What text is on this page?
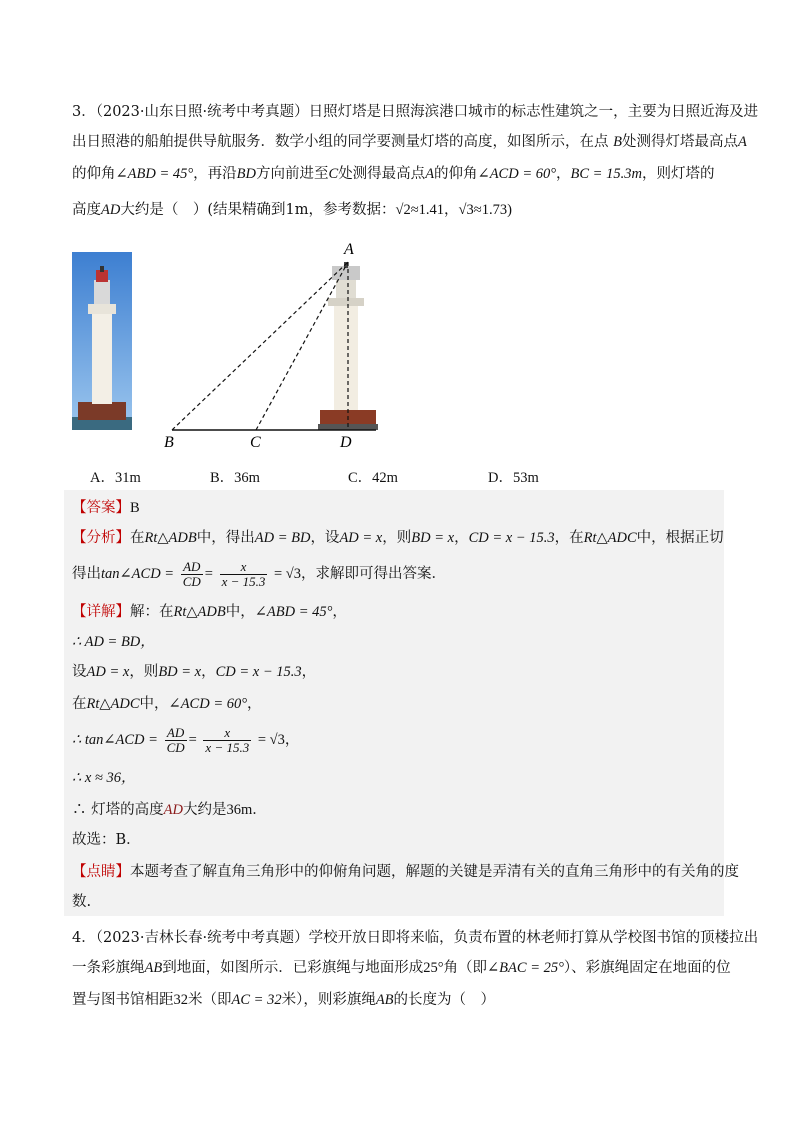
3．（2023·山东日照·统考中考真题）日照灯塔是日照海滨港口城市的标志性建筑之一，主要为日照近海及进
出日照港的船舶提供导航服务．数学小组的同学要测量灯塔的高度，如图所示，在点 B处测得灯塔最高点A
的仰角∠ABD = 45°，再沿BD方向前进至C处测得最高点A的仰角∠ACD = 60°，BC = 15.3m，则灯塔的
高度AD大约是（　）(结果精确到1m，参考数据：√2≈1.41，√3≈1.73)
A
B	C	D
A．31m	B．36m	C．42m	D．53m
【答案】B
【分析】在Rt△ADB中，得出AD = BD，设AD = x，则BD = x，CD = x − 15.3，在Rt△ADC中，根据正切
得出tan∠ACD = $\frac{AD}{CD} = \frac{x}{x - 15.3} = √3$，求解即可得出答案．
【详解】解：在Rt△ADB中，∠ABD = 45°，
∴ AD = BD，
设AD = x，则BD = x，CD = x − 15.3，
在Rt△ADC中，∠ACD = 60°，
∴ tan∠ACD = $\frac{AD}{CD} = \frac{x}{x - 15.3} = √3$，
∴ x ≈ 36，
∴ 灯塔的高度AD大约是36m．
故选：B．
【点睛】本题考查了解直角三角形中的仰俯角问题，解题的关键是弄清有关的直角三角形中的有关角的度
数.
4．（2023·吉林长春·统考中考真题）学校开放日即将来临，负责布置的林老师打算从学校图书馆的顶楼拉出
一条彩旗绳AB到地面，如图所示．已彩旗绳与地面形成25°角（即∠BAC = 25°）、彩旗绳固定在地面的位
置与图书馆相距32米（即AC = 32米），则彩旗绳AB的长度为（　）
